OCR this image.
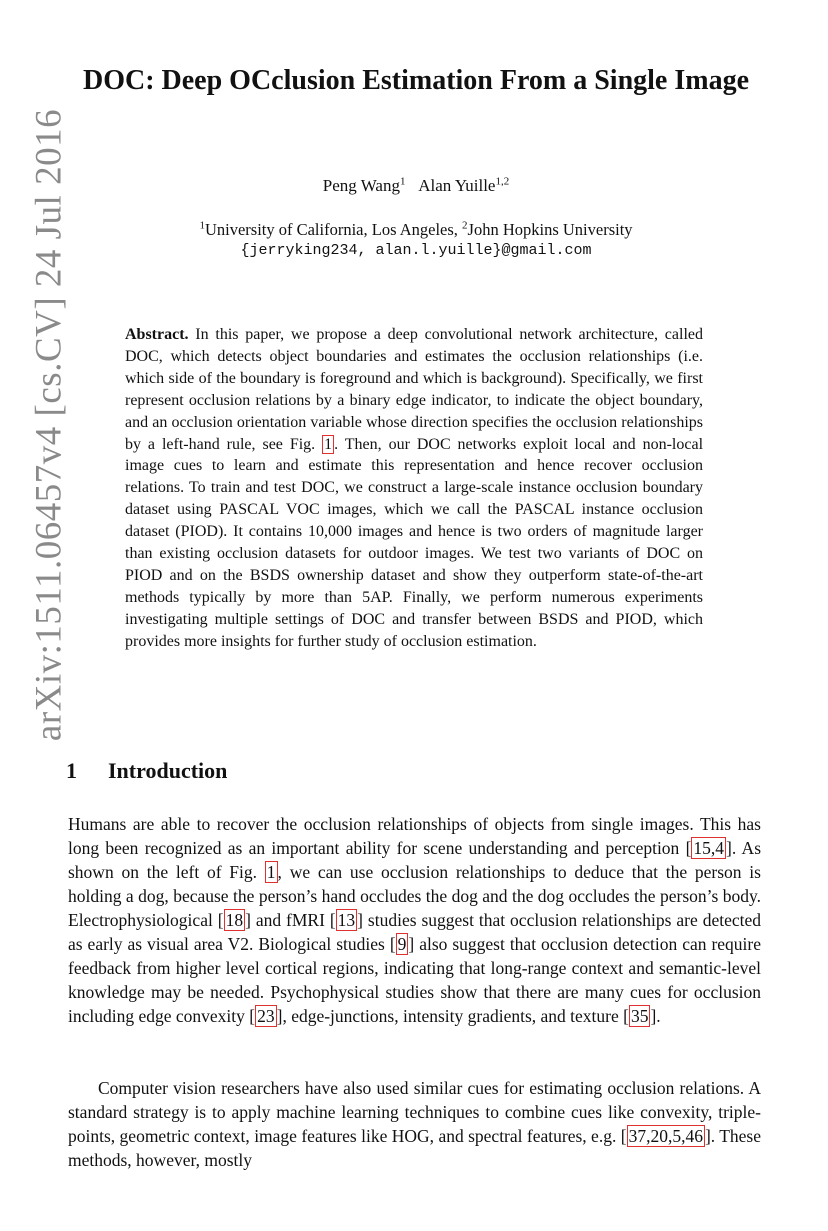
arXiv:1511.06457v4 [cs.CV] 24 Jul 2016
DOC: Deep OCclusion Estimation From a Single Image
Peng Wang$^1$ Alan Yuille$^{1,2}$
$^1$University of California, Los Angeles, $^2$John Hopkins University
{jerryking234, alan.l.yuille}@gmail.com

Abstract. In this paper, we propose a deep convolutional network architecture, called DOC, which detects object boundaries and estimates the occlusion relationships (i.e. which side of the boundary is foreground and which is background). Specifically, we first represent occlusion relations by a binary edge indicator, to indicate the object boundary, and an occlusion orientation variable whose direction specifies the occlusion relationships by a left-hand rule, see Fig. 1 . Then, our DOC networks exploit local and non-local image cues to learn and estimate this representation and hence recover occlusion relations. To train and test DOC, we construct a large-scale instance occlusion boundary dataset using PASCAL VOC images, which we call the PASCAL instance occlusion dataset (PIOD). It contains 10,000 images and hence is two orders of magnitude larger than existing occlusion datasets for outdoor images. We test two variants of DOC on PIOD and on the BSDS ownership dataset and show they outperform state-of-the-art methods typically by more than 5AP. Finally, we perform numerous experiments investigating multiple settings of DOC and transfer between BSDS and PIOD, which provides more insights for further study of occlusion estimation.

1 Introduction

Humans are able to recover the occlusion relationships of objects from single images. This has long been recognized as an important ability for scene understanding and perception [ 15,4 ]. As shown on the left of Fig. 1 , we can use occlusion relationships to deduce that the person is holding a dog, because the person’s hand occludes the dog and the dog occludes the person’s body. Electrophysiological [ 18 ] and fMRI [ 13 ] studies suggest that occlusion relationships are detected as early as visual area V2. Biological studies [ 9 ] also suggest that occlusion detection can require feedback from higher level cortical regions, indicating that long-range context and semantic-level knowledge may be needed. Psychophysical studies show that there are many cues for occlusion including edge convexity [ 23 ], edge-junctions, intensity gradients, and texture [ 35 ].

Computer vision researchers have also used similar cues for estimating occlusion relations. A standard strategy is to apply machine learning techniques to combine cues like convexity, triple-points, geometric context, image features like HOG, and spectral features, e.g. [ 37,20,5,46 ]. These methods, however, mostly
